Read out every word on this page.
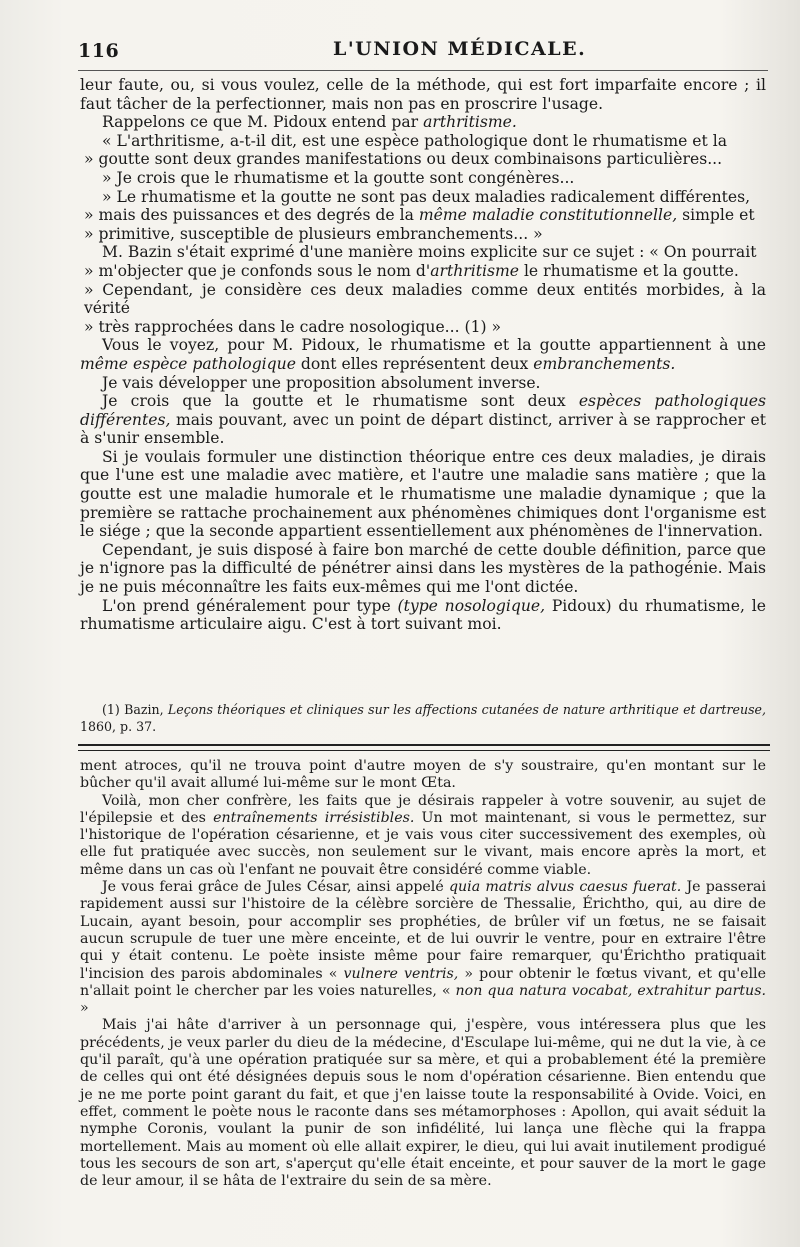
116	L'UNION MÉDICALE.

leur faute, ou, si vous voulez, celle de la méthode, qui est fort imparfaite encore ; il faut tâcher de la perfectionner, mais non pas en proscrire l'usage.

Rappelons ce que M. Pidoux entend par arthritisme.

« L'arthritisme, a-t-il dit, est une espèce pathologique dont le rhumatisme et la

» goutte sont deux grandes manifestations ou deux combinaisons particulières...

» Je crois que le rhumatisme et la goutte sont congénères...

» Le rhumatisme et la goutte ne sont pas deux maladies radicalement différentes,

» mais des puissances et des degrés de la même maladie constitutionnelle, simple et

» primitive, susceptible de plusieurs embranchements... »

M. Bazin s'était exprimé d'une manière moins explicite sur ce sujet : « On pourrait

» m'objecter que je confonds sous le nom d'arthritisme le rhumatisme et la goutte.

» Cependant, je considère ces deux maladies comme deux entités morbides, à la vérité

» très rapprochées dans le cadre nosologique... (1) »

Vous le voyez, pour M. Pidoux, le rhumatisme et la goutte appartiennent à une même espèce pathologique dont elles représentent deux embranchements.

Je vais développer une proposition absolument inverse.

Je crois que la goutte et le rhumatisme sont deux espèces pathologiques différentes, mais pouvant, avec un point de départ distinct, arriver à se rapprocher et à s'unir ensemble.

Si je voulais formuler une distinction théorique entre ces deux maladies, je dirais que l'une est une maladie avec matière, et l'autre une maladie sans matière ; que la goutte est une maladie humorale et le rhumatisme une maladie dynamique ; que la première se rattache prochainement aux phénomènes chimiques dont l'organisme est le siége ; que la seconde appartient essentiellement aux phénomènes de l'innervation.

Cependant, je suis disposé à faire bon marché de cette double définition, parce que je n'ignore pas la difficulté de pénétrer ainsi dans les mystères de la pathogénie. Mais je ne puis méconnaître les faits eux-mêmes qui me l'ont dictée.

L'on prend généralement pour type (type nosologique, Pidoux) du rhumatisme, le rhumatisme articulaire aigu. C'est à tort suivant moi.

(1) Bazin, Leçons théoriques et cliniques sur les affections cutanées de nature arthritique et dartreuse, 1860, p. 37.

ment atroces, qu'il ne trouva point d'autre moyen de s'y soustraire, qu'en montant sur le bûcher qu'il avait allumé lui-même sur le mont Œta.

Voilà, mon cher confrère, les faits que je désirais rappeler à votre souvenir, au sujet de l'épilepsie et des entraînements irrésistibles. Un mot maintenant, si vous le permettez, sur l'historique de l'opération césarienne, et je vais vous citer successivement des exemples, où elle fut pratiquée avec succès, non seulement sur le vivant, mais encore après la mort, et même dans un cas où l'enfant ne pouvait être considéré comme viable.

Je vous ferai grâce de Jules César, ainsi appelé quia matris alvus caesus fuerat. Je passerai rapidement aussi sur l'histoire de la célèbre sorcière de Thessalie, Érichtho, qui, au dire de Lucain, ayant besoin, pour accomplir ses prophéties, de brûler vif un fœtus, ne se faisait aucun scrupule de tuer une mère enceinte, et de lui ouvrir le ventre, pour en extraire l'être qui y était contenu. Le poète insiste même pour faire remarquer, qu'Érichtho pratiquait l'incision des parois abdominales « vulnere ventris, » pour obtenir le fœtus vivant, et qu'elle n'allait point le chercher par les voies naturelles, « non qua natura vocabat, extrahitur partus. »

Mais j'ai hâte d'arriver à un personnage qui, j'espère, vous intéressera plus que les précédents, je veux parler du dieu de la médecine, d'Esculape lui-même, qui ne dut la vie, à ce qu'il paraît, qu'à une opération pratiquée sur sa mère, et qui a probablement été la première de celles qui ont été désignées depuis sous le nom d'opération césarienne. Bien entendu que je ne me porte point garant du fait, et que j'en laisse toute la responsabilité à Ovide. Voici, en effet, comment le poète nous le raconte dans ses métamorphoses : Apollon, qui avait séduit la nymphe Coronis, voulant la punir de son infidélité, lui lança une flèche qui la frappa mortellement. Mais au moment où elle allait expirer, le dieu, qui lui avait inutilement prodigué tous les secours de son art, s'aperçut qu'elle était enceinte, et pour sauver de la mort le gage de leur amour, il se hâta de l'extraire du sein de sa mère.
